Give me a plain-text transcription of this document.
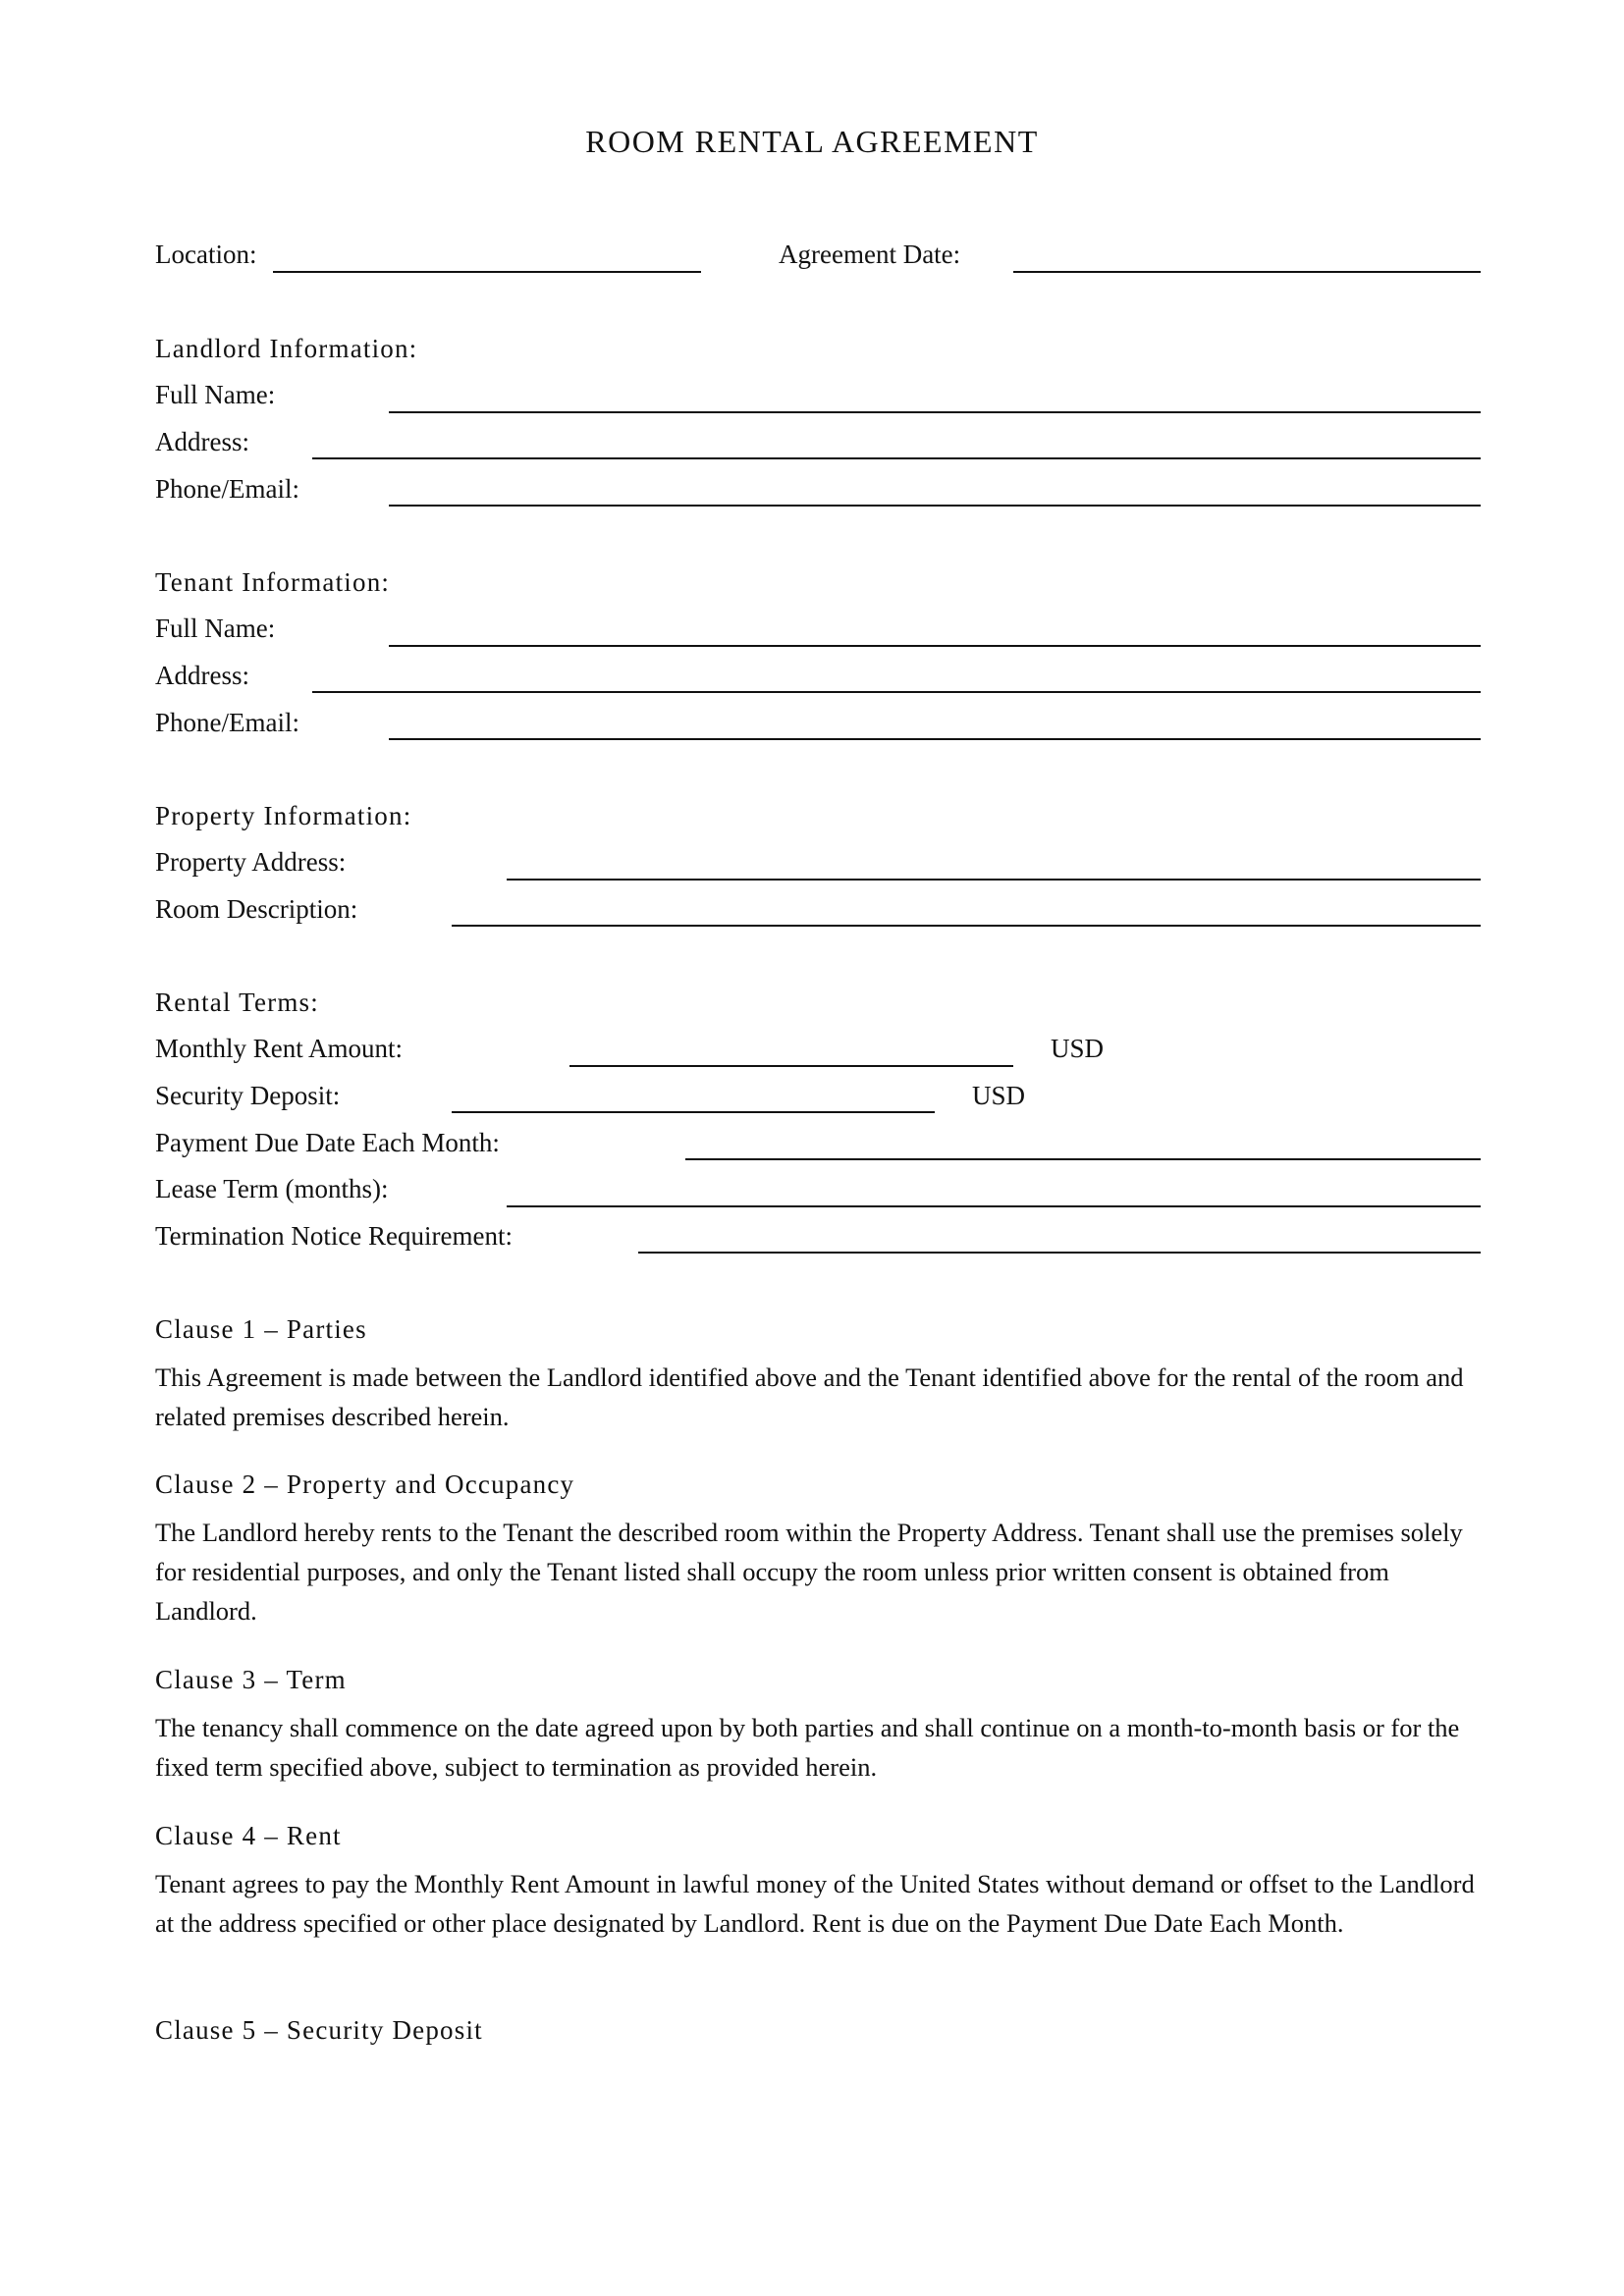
ROOM RENTAL AGREEMENT
Location:	Agreement Date:
Landlord Information:
Full Name:
Address:
Phone/Email:
Tenant Information:
Full Name:
Address:
Phone/Email:
Property Information:
Property Address:
Room Description:
Rental Terms:
Monthly Rent Amount:	USD
Security Deposit:	USD
Payment Due Date Each Month:
Lease Term (months):
Termination Notice Requirement:
Clause 1 – Parties
This Agreement is made between the Landlord identified above and the Tenant identified above for the rental of the room and related premises described herein.
Clause 2 – Property and Occupancy
The Landlord hereby rents to the Tenant the described room within the Property Address. Tenant shall use the premises solely for residential purposes, and only the Tenant listed shall occupy the room unless prior written consent is obtained from Landlord.
Clause 3 – Term
The tenancy shall commence on the date agreed upon by both parties and shall continue on a month-to-month basis or for the fixed term specified above, subject to termination as provided herein.
Clause 4 – Rent
Tenant agrees to pay the Monthly Rent Amount in lawful money of the United States without demand or offset to the Landlord at the address specified or other place designated by Landlord. Rent is due on the Payment Due Date Each Month.
Clause 5 – Security Deposit
